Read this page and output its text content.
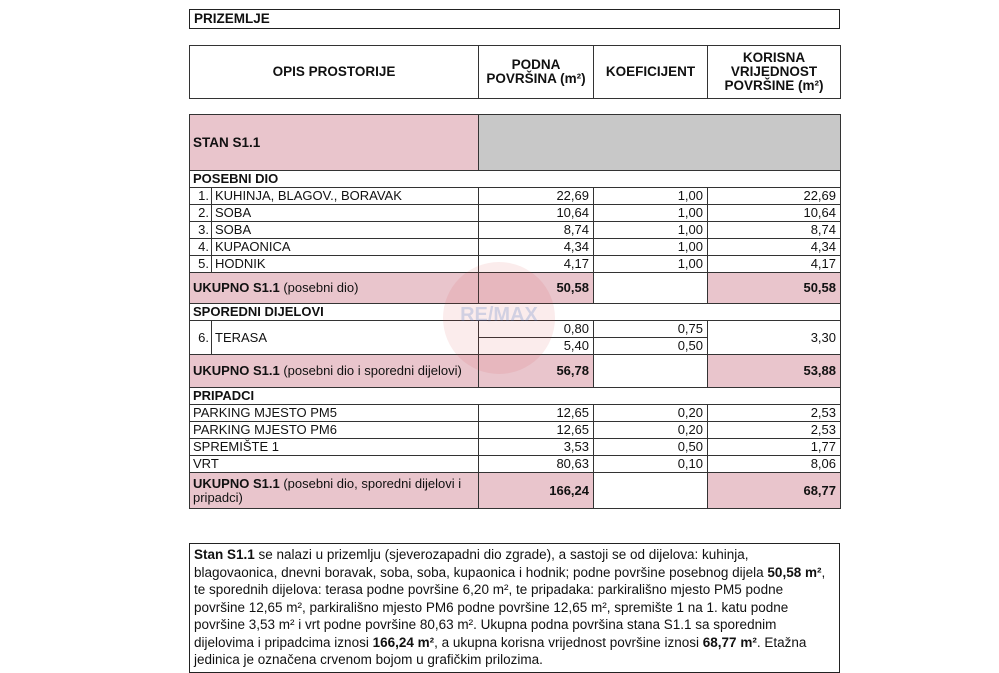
PRIZEMLJE
OPIS PROSTORIJE	PODNA POVRŠINA (m²)	KOEFICIJENT	KORISNA VRIJEDNOST POVRŠINE (m²)
STAN S1.1				
POSEBNI DIO				
1.	KUHINJA, BLAGOV., BORAVAK	22,69	1,00	22,69
2.	SOBA	10,64	1,00	10,64
3.	SOBA	8,74	1,00	8,74
4.	KUPAONICA	4,34	1,00	4,34
5.	HODNIK	4,17	1,00	4,17
UKUPNO S1.1 (posebni dio)		50,58		50,58
SPOREDNI DIJELOVI				
6.	TERASA	0,80	0,75	3,30
		5,40	0,50	
UKUPNO S1.1 (posebni dio i sporedni dijelovi)		56,78		53,88
PRIPADCI				
PARKING MJESTO PM5		12,65	0,20	2,53
PARKING MJESTO PM6		12,65	0,20	2,53
SPREMIŠTE 1		3,53	0,50	1,77
VRT		80,63	0,10	8,06
UKUPNO S1.1 (posebni dio, sporedni dijelovi i pripadci)		166,24		68,77
RE/MAX
Stan S1.1 se nalazi u prizemlju (sjeverozapadni dio zgrade), a sastoji se od dijelova: kuhinja, blagovaonica, dnevni boravak, soba, soba, kupaonica i hodnik; podne površine posebnog dijela 50,58 m², te sporednih dijelova: terasa podne površine 6,20 m², te pripadaka: parkirališno mjesto PM5 podne površine 12,65 m², parkirališno mjesto PM6 podne površine 12,65 m², spremište 1 na 1. katu podne površine 3,53 m² i vrt podne površine 80,63 m². Ukupna podna površina stana S1.1 sa sporednim dijelovima i pripadcima iznosi 166,24 m², a ukupna korisna vrijednost površine iznosi 68,77 m². Etažna jedinica je označena crvenom bojom u grafičkim prilozima.
